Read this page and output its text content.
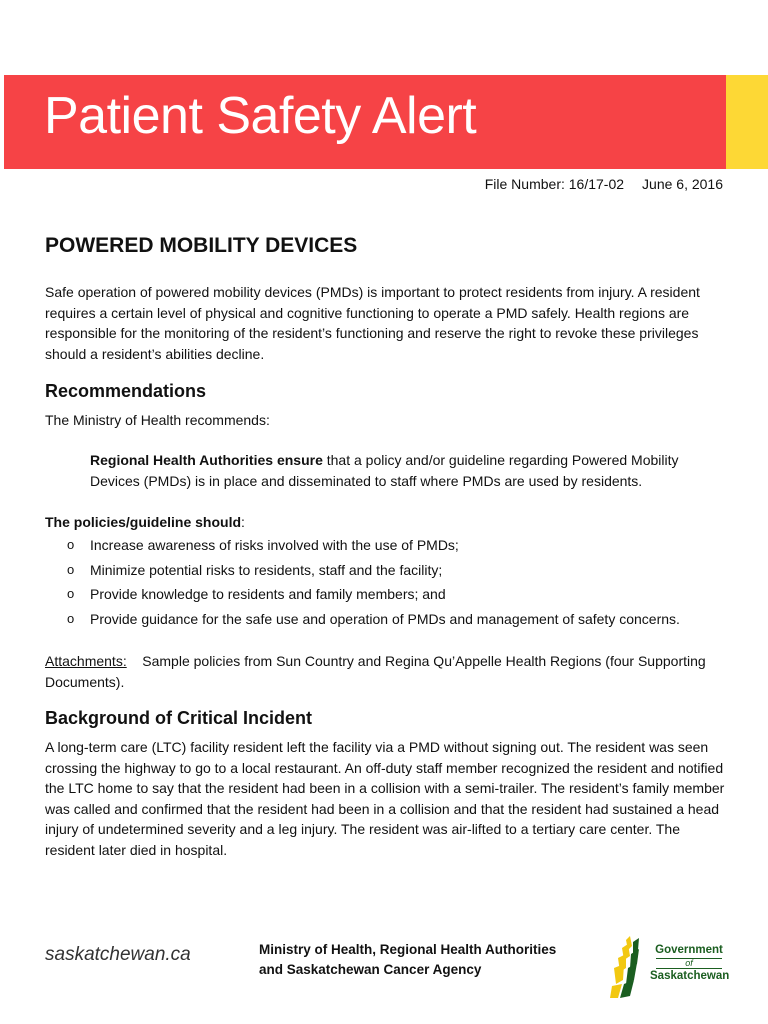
Patient Safety Alert
File Number: 16/17-02 June 6, 2016
POWERED MOBILITY DEVICES

Safe operation of powered mobility devices (PMDs) is important to protect residents from injury. A resident requires a certain level of physical and cognitive functioning to operate a PMD safely. Health regions are responsible for the monitoring of the resident’s functioning and reserve the right to revoke these privileges should a resident’s abilities decline.

Recommendations

The Ministry of Health recommends:

Regional Health Authorities ensure that a policy and/or guideline regarding Powered Mobility Devices (PMDs) is in place and disseminated to staff where PMDs are used by residents.

The policies/guideline should:

o	Increase awareness of risks involved with the use of PMDs;
o	Minimize potential risks to residents, staff and the facility;
o	Provide knowledge to residents and family members; and
o	Provide guidance for the safe use and operation of PMDs and management of safety concerns.

Attachments:    Sample policies from Sun Country and Regina Qu’Appelle Health Regions (four Supporting Documents).

Background of Critical Incident

A long-term care (LTC) facility resident left the facility via a PMD without signing out. The resident was seen crossing the highway to go to a local restaurant. An off-duty staff member recognized the resident and notified the LTC home to say that the resident had been in a collision with a semi-trailer. The resident’s family member was called and confirmed that the resident had been in a collision and that the resident had sustained a head injury of undetermined severity and a leg injury. The resident was air-lifted to a tertiary care center. The resident later died in hospital.

saskatchewan.ca	Ministry of Health, Regional Health Authorities
and Saskatchewan Cancer Agency
Government
of
Saskatchewan
